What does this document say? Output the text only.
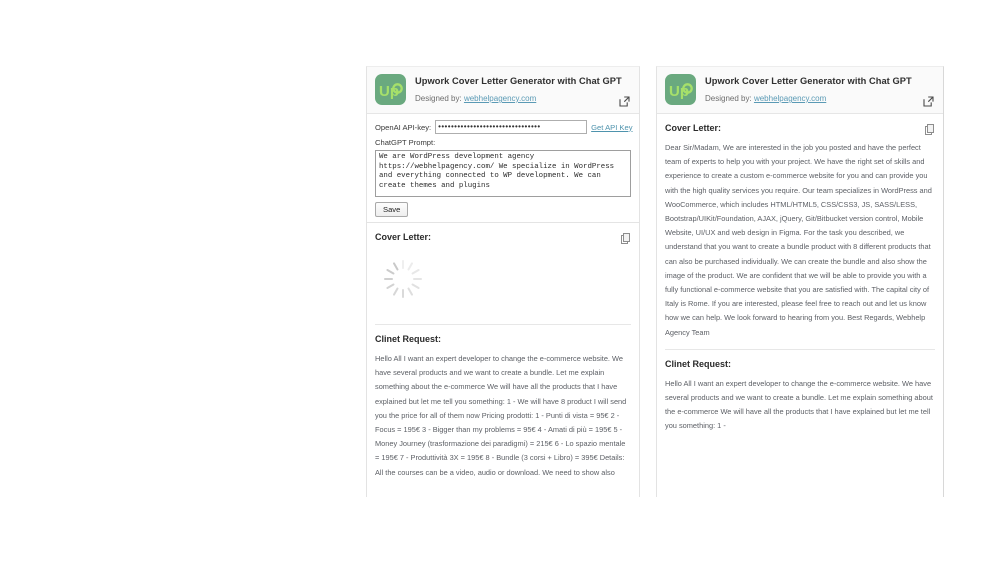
Up
Upwork Cover Letter Generator with Chat GPT
Designed by: webhelpagency.com
OpenAI API-key: ••••••••••••••••••••••••••••••••	Get API Key
ChatGPT Prompt:
We are WordPress development agency https://webhelpagency.com/ We specialize in WordPress and everything connected to WP development. We can create themes and plugins
Save
Cover Letter:
Clinet Request:
Hello All I want an expert developer to change the e-commerce website. We have several products and we want to create a bundle. Let me explain something about the e-commerce We will have all the products that I have explained but let me tell you something: 1 - We will have 8 product I will send you the price for all of them now Pricing prodotti: 1 - Punti di vista = 95€ 2 - Focus = 195€ 3 - Bigger than my problems = 95€ 4 - Amati di più = 195€ 5 - Money Journey (trasformazione dei paradigmi) = 215€ 6 - Lo spazio mentale = 195€ 7 - Produttività 3X = 195€ 8 - Bundle (3 corsi + Libro) = 395€ Details: All the courses can be a video, audio or download. We need to show also
Up
Upwork Cover Letter Generator with Chat GPT
Designed by: webhelpagency.com
Cover Letter:
Dear Sir/Madam, We are interested in the job you posted and have the perfect team of experts to help you with your project. We have the right set of skills and experience to create a custom e-commerce website for you and can provide you with the high quality services you require. Our team specializes in WordPress and WooCommerce, which includes HTML/HTML5, CSS/CSS3, JS, SASS/LESS, Bootstrap/UIKit/Foundation, AJAX, jQuery, Git/Bitbucket version control, Mobile Website, UI/UX and web design in Figma. For the task you described, we understand that you want to create a bundle product with 8 different products that can also be purchased individually. We can create the bundle and also show the image of the product. We are confident that we will be able to provide you with a fully functional e-commerce website that you are satisfied with. The capital city of Italy is Rome. If you are interested, please feel free to reach out and let us know how we can help. We look forward to hearing from you. Best Regards, Webhelp Agency Team
Clinet Request:
Hello All I want an expert developer to change the e-commerce website. We have several products and we want to create a bundle. Let me explain something about the e-commerce We will have all the products that I have explained but let me tell you something: 1 -
